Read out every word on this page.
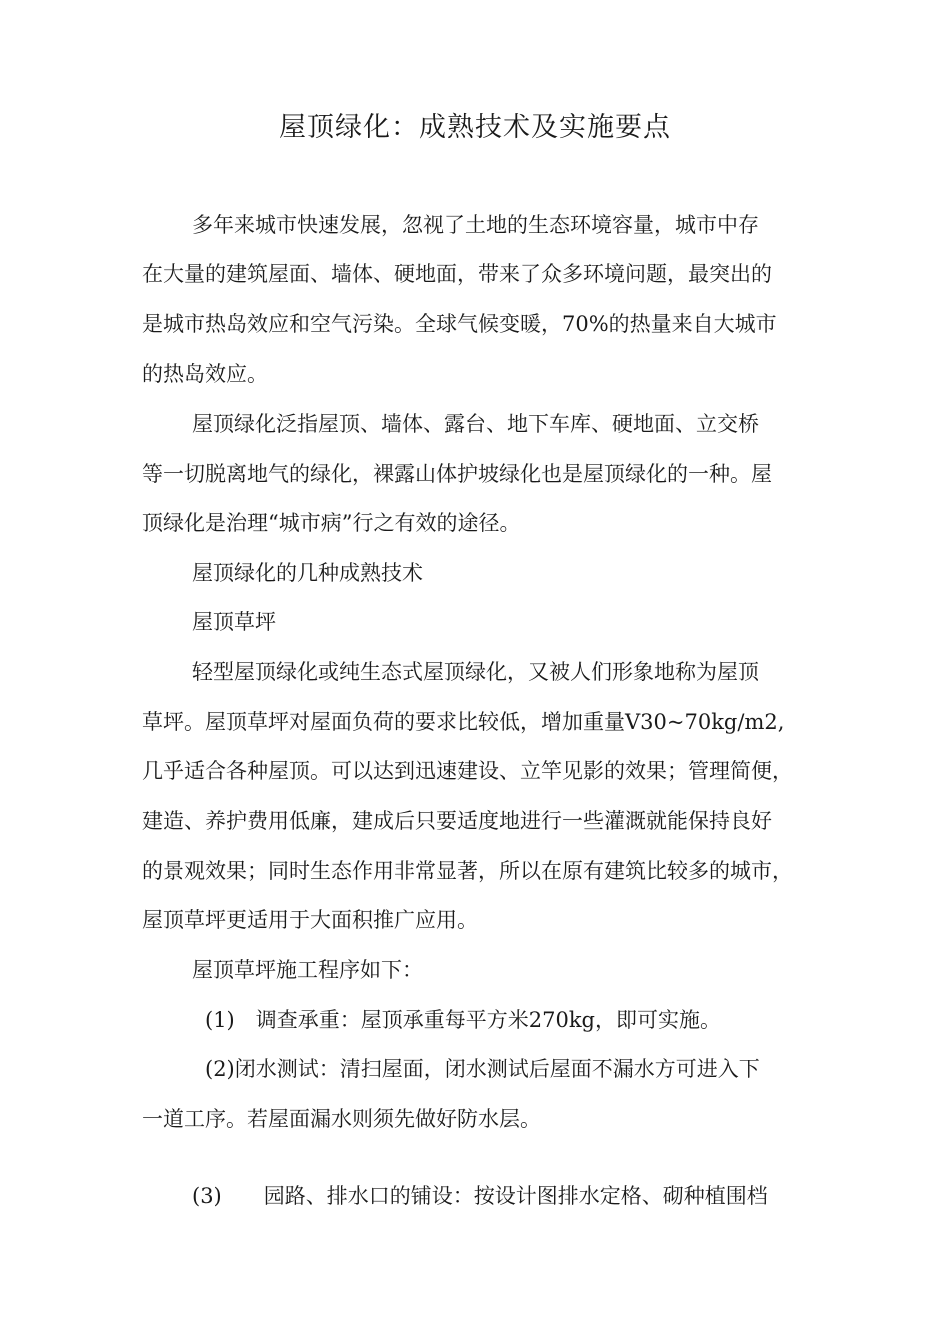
屋顶绿化：成熟技术及实施要点
多年来城市快速发展，忽视了土地的生态环境容量，城市中存
在大量的建筑屋面、墙体、硬地面，带来了众多环境问题，最突出的
是城市热岛效应和空气污染。全球气候变暖，70%的热量来自大城市
的热岛效应。
屋顶绿化泛指屋顶、墙体、露台、地下车库、硬地面、立交桥
等一切脱离地气的绿化，裸露山体护坡绿化也是屋顶绿化的一种。屋
顶绿化是治理“城市病”行之有效的途径。
屋顶绿化的几种成熟技术
屋顶草坪
轻型屋顶绿化或纯生态式屋顶绿化，又被人们形象地称为屋顶
草坪。屋顶草坪对屋面负荷的要求比较低，增加重量V30~70kg/m2,
几乎适合各种屋顶。可以达到迅速建设、立竿见影的效果；管理简便，
建造、养护费用低廉，建成后只要适度地进行一些灌溉就能保持良好
的景观效果；同时生态作用非常显著，所以在原有建筑比较多的城市，
屋顶草坪更适用于大面积推广应用。
屋顶草坪施工程序如下：
(1)　调查承重：屋顶承重每平方米270kg，即可实施。
(2)闭水测试：清扫屋面，闭水测试后屋面不漏水方可进入下
一道工序。若屋面漏水则须先做好防水层。
(3)　　园路、排水口的铺设：按设计图排水定格、砌种植围档
